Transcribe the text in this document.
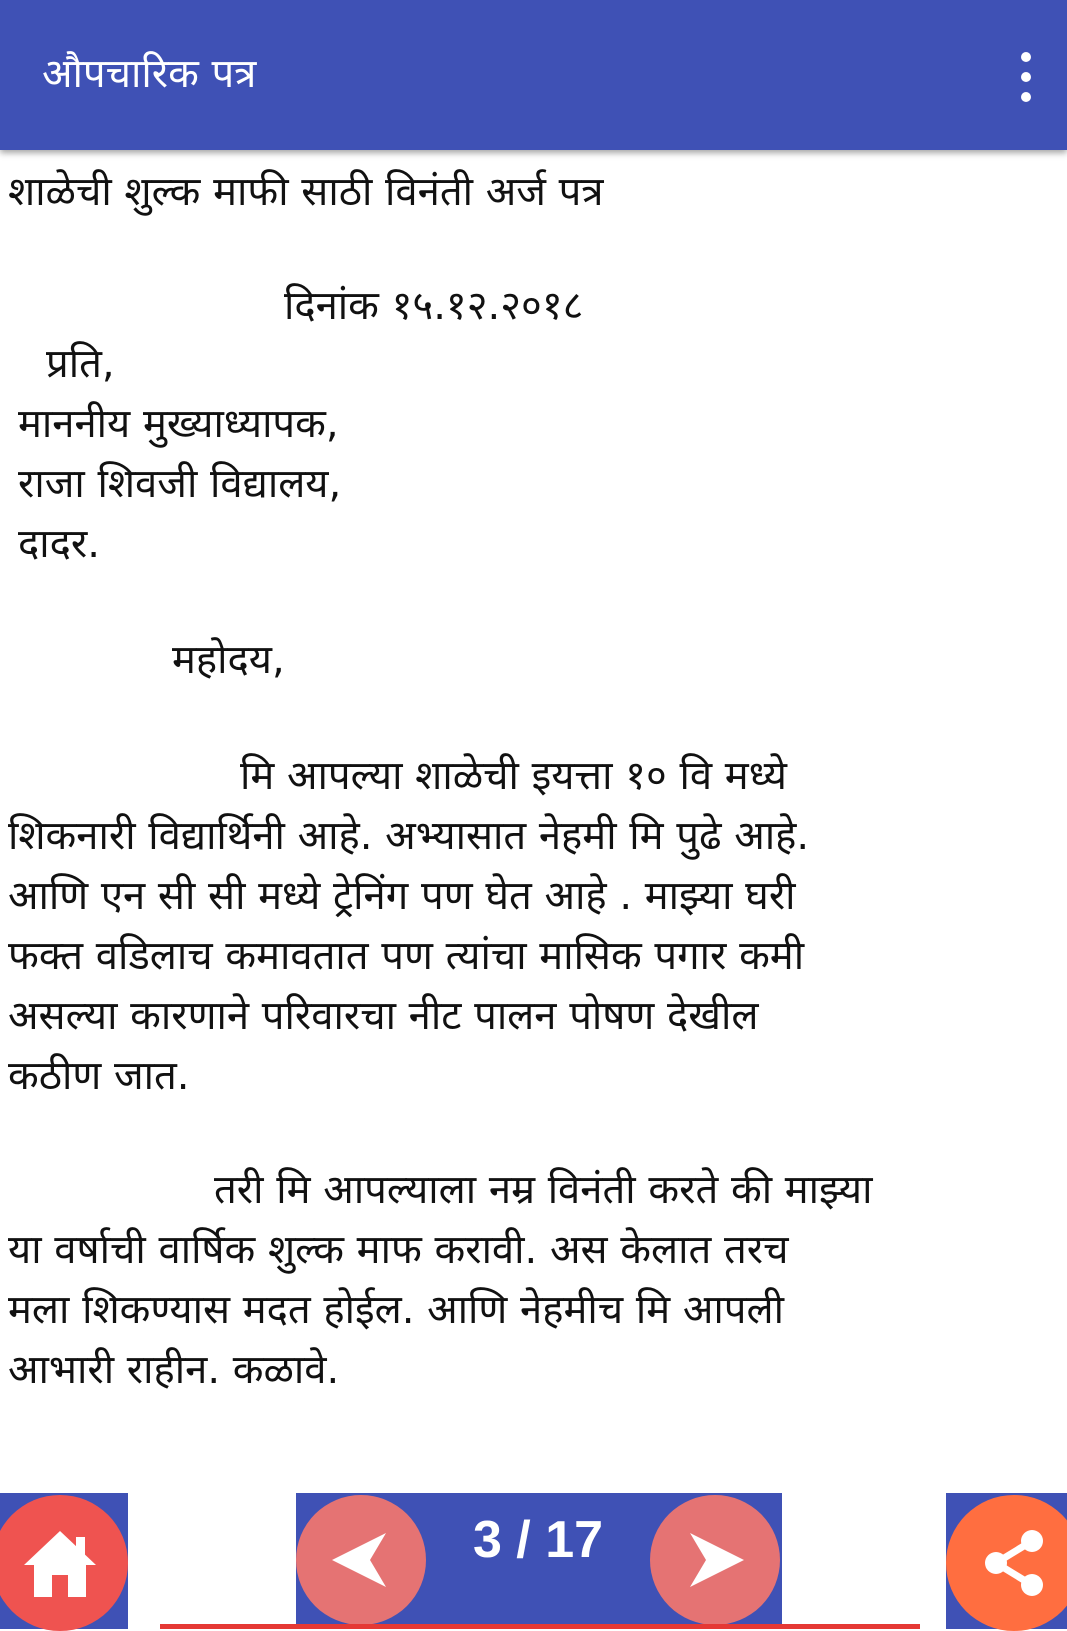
औपचारिक पत्र
शाळेची शुल्क माफी साठी विनंती अर्ज पत्र
दिनांक १५.१२.२०१८
प्रति,
माननीय मुख्याध्यापक,
राजा शिवजी विद्यालय,
दादर.
महोदय,
मि आपल्या शाळेची इयत्ता १० वि मध्ये
शिकनारी विद्यार्थिनी आहे. अभ्यासात नेहमी मि पुढे आहे.
आणि एन सी सी मध्ये ट्रेनिंग पण घेत आहे . माझ्या घरी
फक्त वडिलाच कमावतात पण त्यांचा मासिक पगार कमी
असल्या कारणाने परिवारचा नीट पालन पोषण देखील
कठीण जात.
तरी मि आपल्याला नम्र विनंती करते की माझ्या
या वर्षाची वार्षिक शुल्क माफ करावी. अस केलात तरच
मला शिकण्यास मदत होईल. आणि नेहमीच मि आपली
आभारी राहीन. कळावे.
3 / 17
